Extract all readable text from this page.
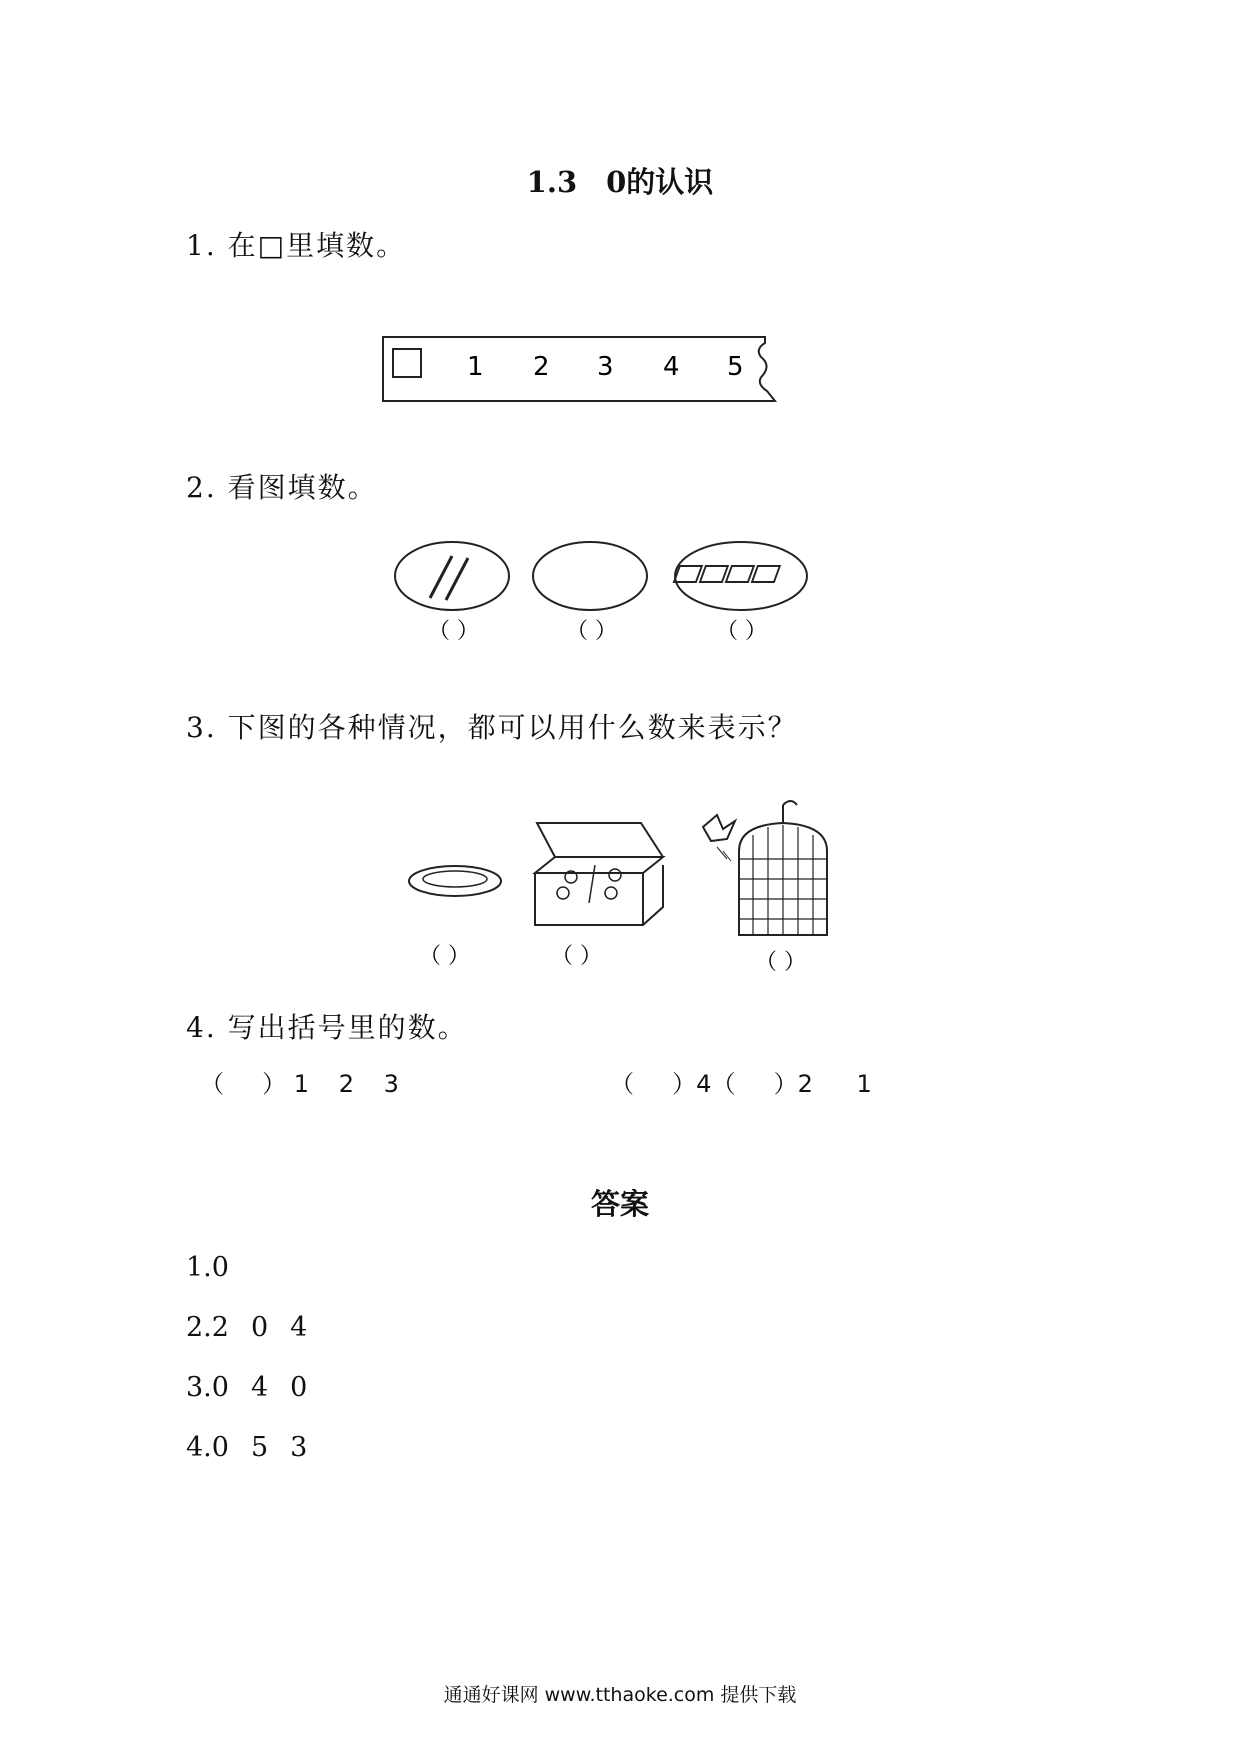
1.3　0的认识
1. 在□里填数。
1 2 3 4 5
2. 看图填数。
（ ）	（ ）	（ ）
3. 下图的各种情况，都可以用什么数来表示？
（ ）	（ ）	（ ）
4. 写出括号里的数。
（     ） 1 2 3	（     ）4（     ）2 1
答案
1.0
2.2 0 4
3.0 4 0
4.0 5 3
通通好课网 www.tthaoke.com 提供下载
